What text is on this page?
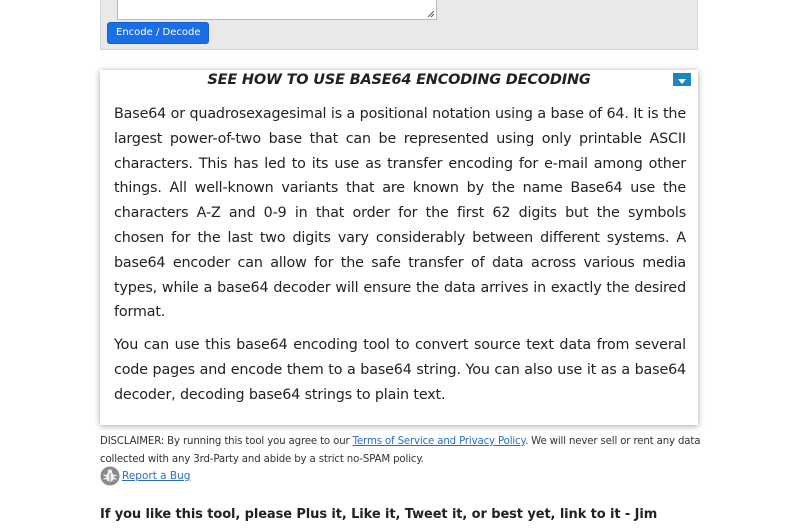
Encode / Decode
SEE HOW TO USE BASE64 ENCODING DECODING

Base64 or quadrosexagesimal is a positional notation using a base of 64. It is the largest power-of-two base that can be represented using only printable ASCII characters. This has led to its use as transfer encoding for e-mail among other things. All well-known variants that are known by the name Base64 use the characters A-Z and 0-9 in that order for the first 62 digits but the symbols chosen for the last two digits vary considerably between different systems. A base64 encoder can allow for the safe transfer of data across various media types, while a base64 decoder will ensure the data arrives in exactly the desired format.

You can use this base64 encoding tool to convert source text data from several code pages and encode them to a base64 string. You can also use it as a base64 decoder, decoding base64 strings to plain text.

DISCLAIMER: By running this tool you agree to our Terms of Service and Privacy Policy. We will never sell or rent any data collected with any 3rd-Party and abide by a strict no-SPAM policy.
Report a Bug
If you like this tool, please Plus it, Like it, Tweet it, or best yet, link to it - Jim
